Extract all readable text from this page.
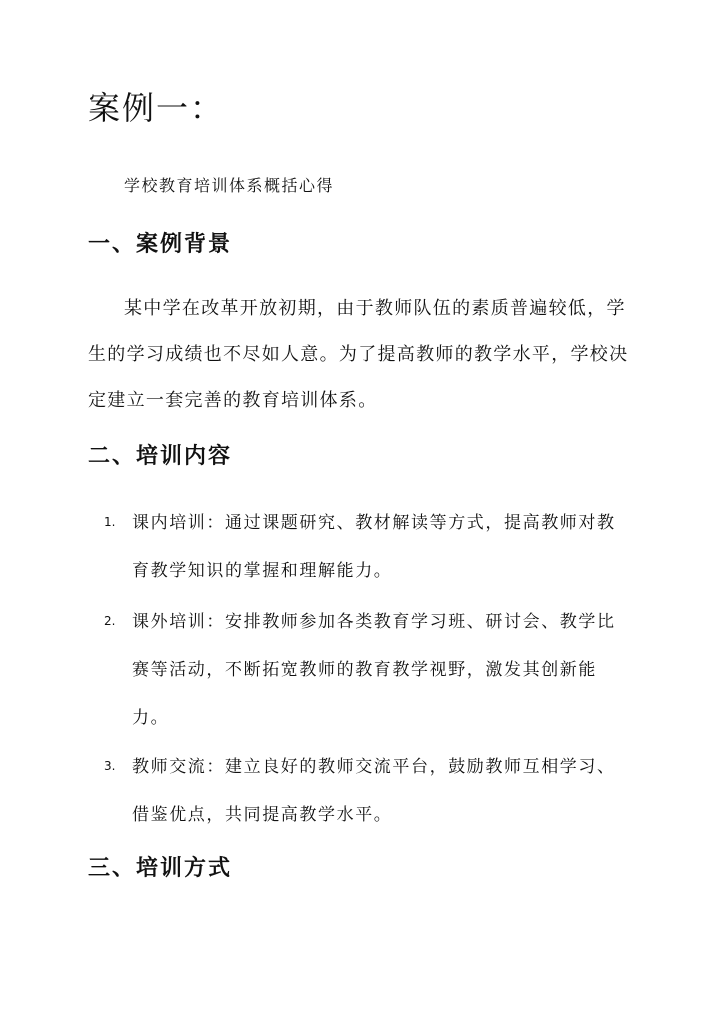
案例一：
学校教育培训体系概括心得
一、案例背景
某中学在改革开放初期，由于教师队伍的素质普遍较低，学生的学习成绩也不尽如人意。为了提高教师的教学水平，学校决定建立一套完善的教育培训体系。
二、培训内容
1. 课内培训：通过课题研究、教材解读等方式，提高教师对教育教学知识的掌握和理解能力。
2. 课外培训：安排教师参加各类教育学习班、研讨会、教学比赛等活动，不断拓宽教师的教育教学视野，激发其创新能力。
3. 教师交流：建立良好的教师交流平台，鼓励教师互相学习、借鉴优点，共同提高教学水平。
三、培训方式
